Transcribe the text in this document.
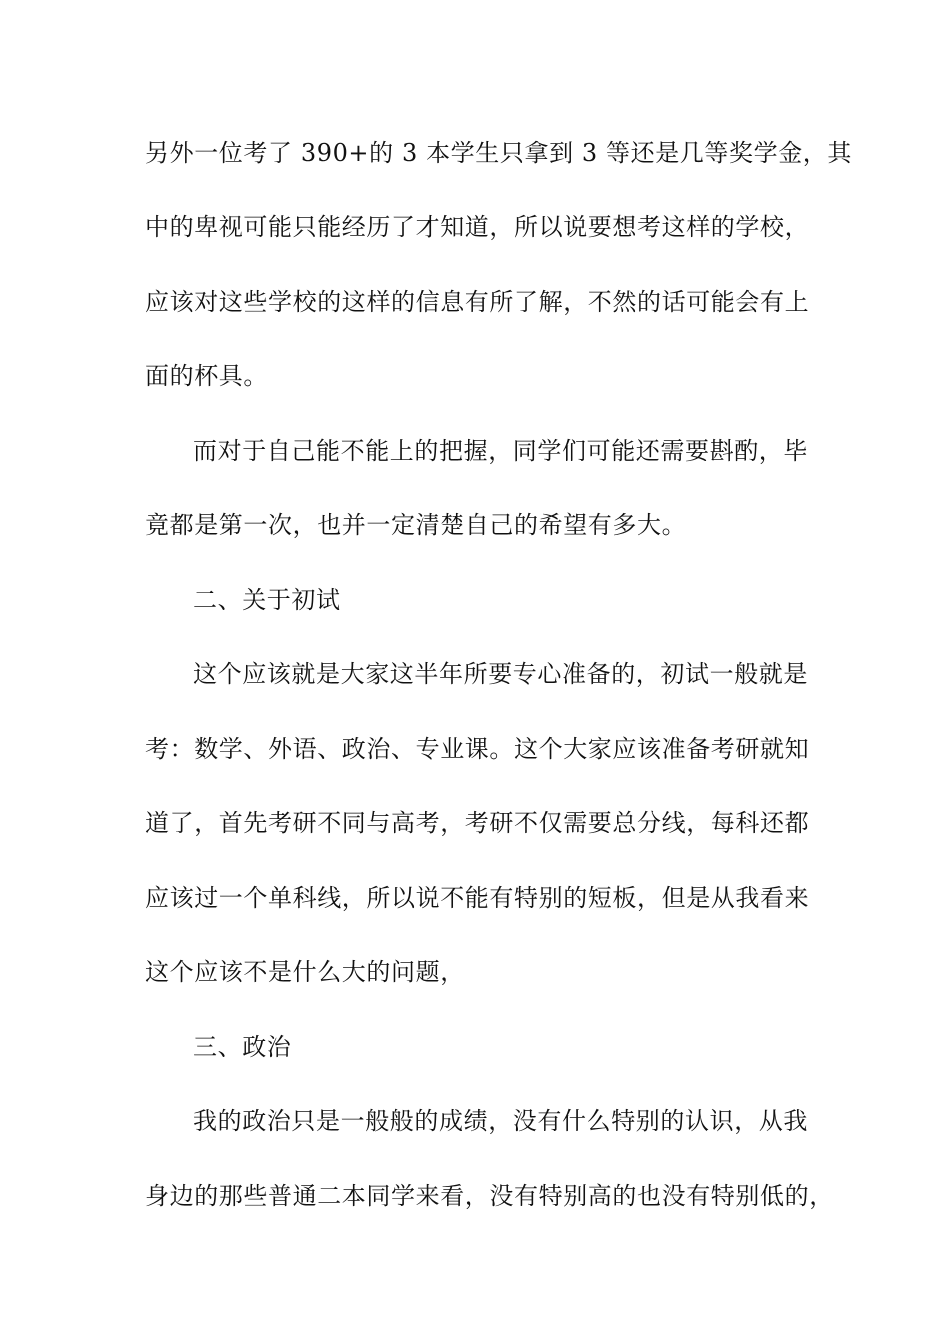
另外一位考了 390+的 3 本学生只拿到 3 等还是几等奖学金，其
中的卑视可能只能经历了才知道，所以说要想考这样的学校，
应该对这些学校的这样的信息有所了解，不然的话可能会有上
面的杯具。
而对于自己能不能上的把握，同学们可能还需要斟酌，毕
竟都是第一次，也并一定清楚自己的希望有多大。
二、关于初试
这个应该就是大家这半年所要专心准备的，初试一般就是
考：数学、外语、政治、专业课。这个大家应该准备考研就知
道了，首先考研不同与高考，考研不仅需要总分线，每科还都
应该过一个单科线，所以说不能有特别的短板，但是从我看来
这个应该不是什么大的问题，
三、政治
我的政治只是一般般的成绩，没有什么特别的认识，从我
身边的那些普通二本同学来看，没有特别高的也没有特别低的，
